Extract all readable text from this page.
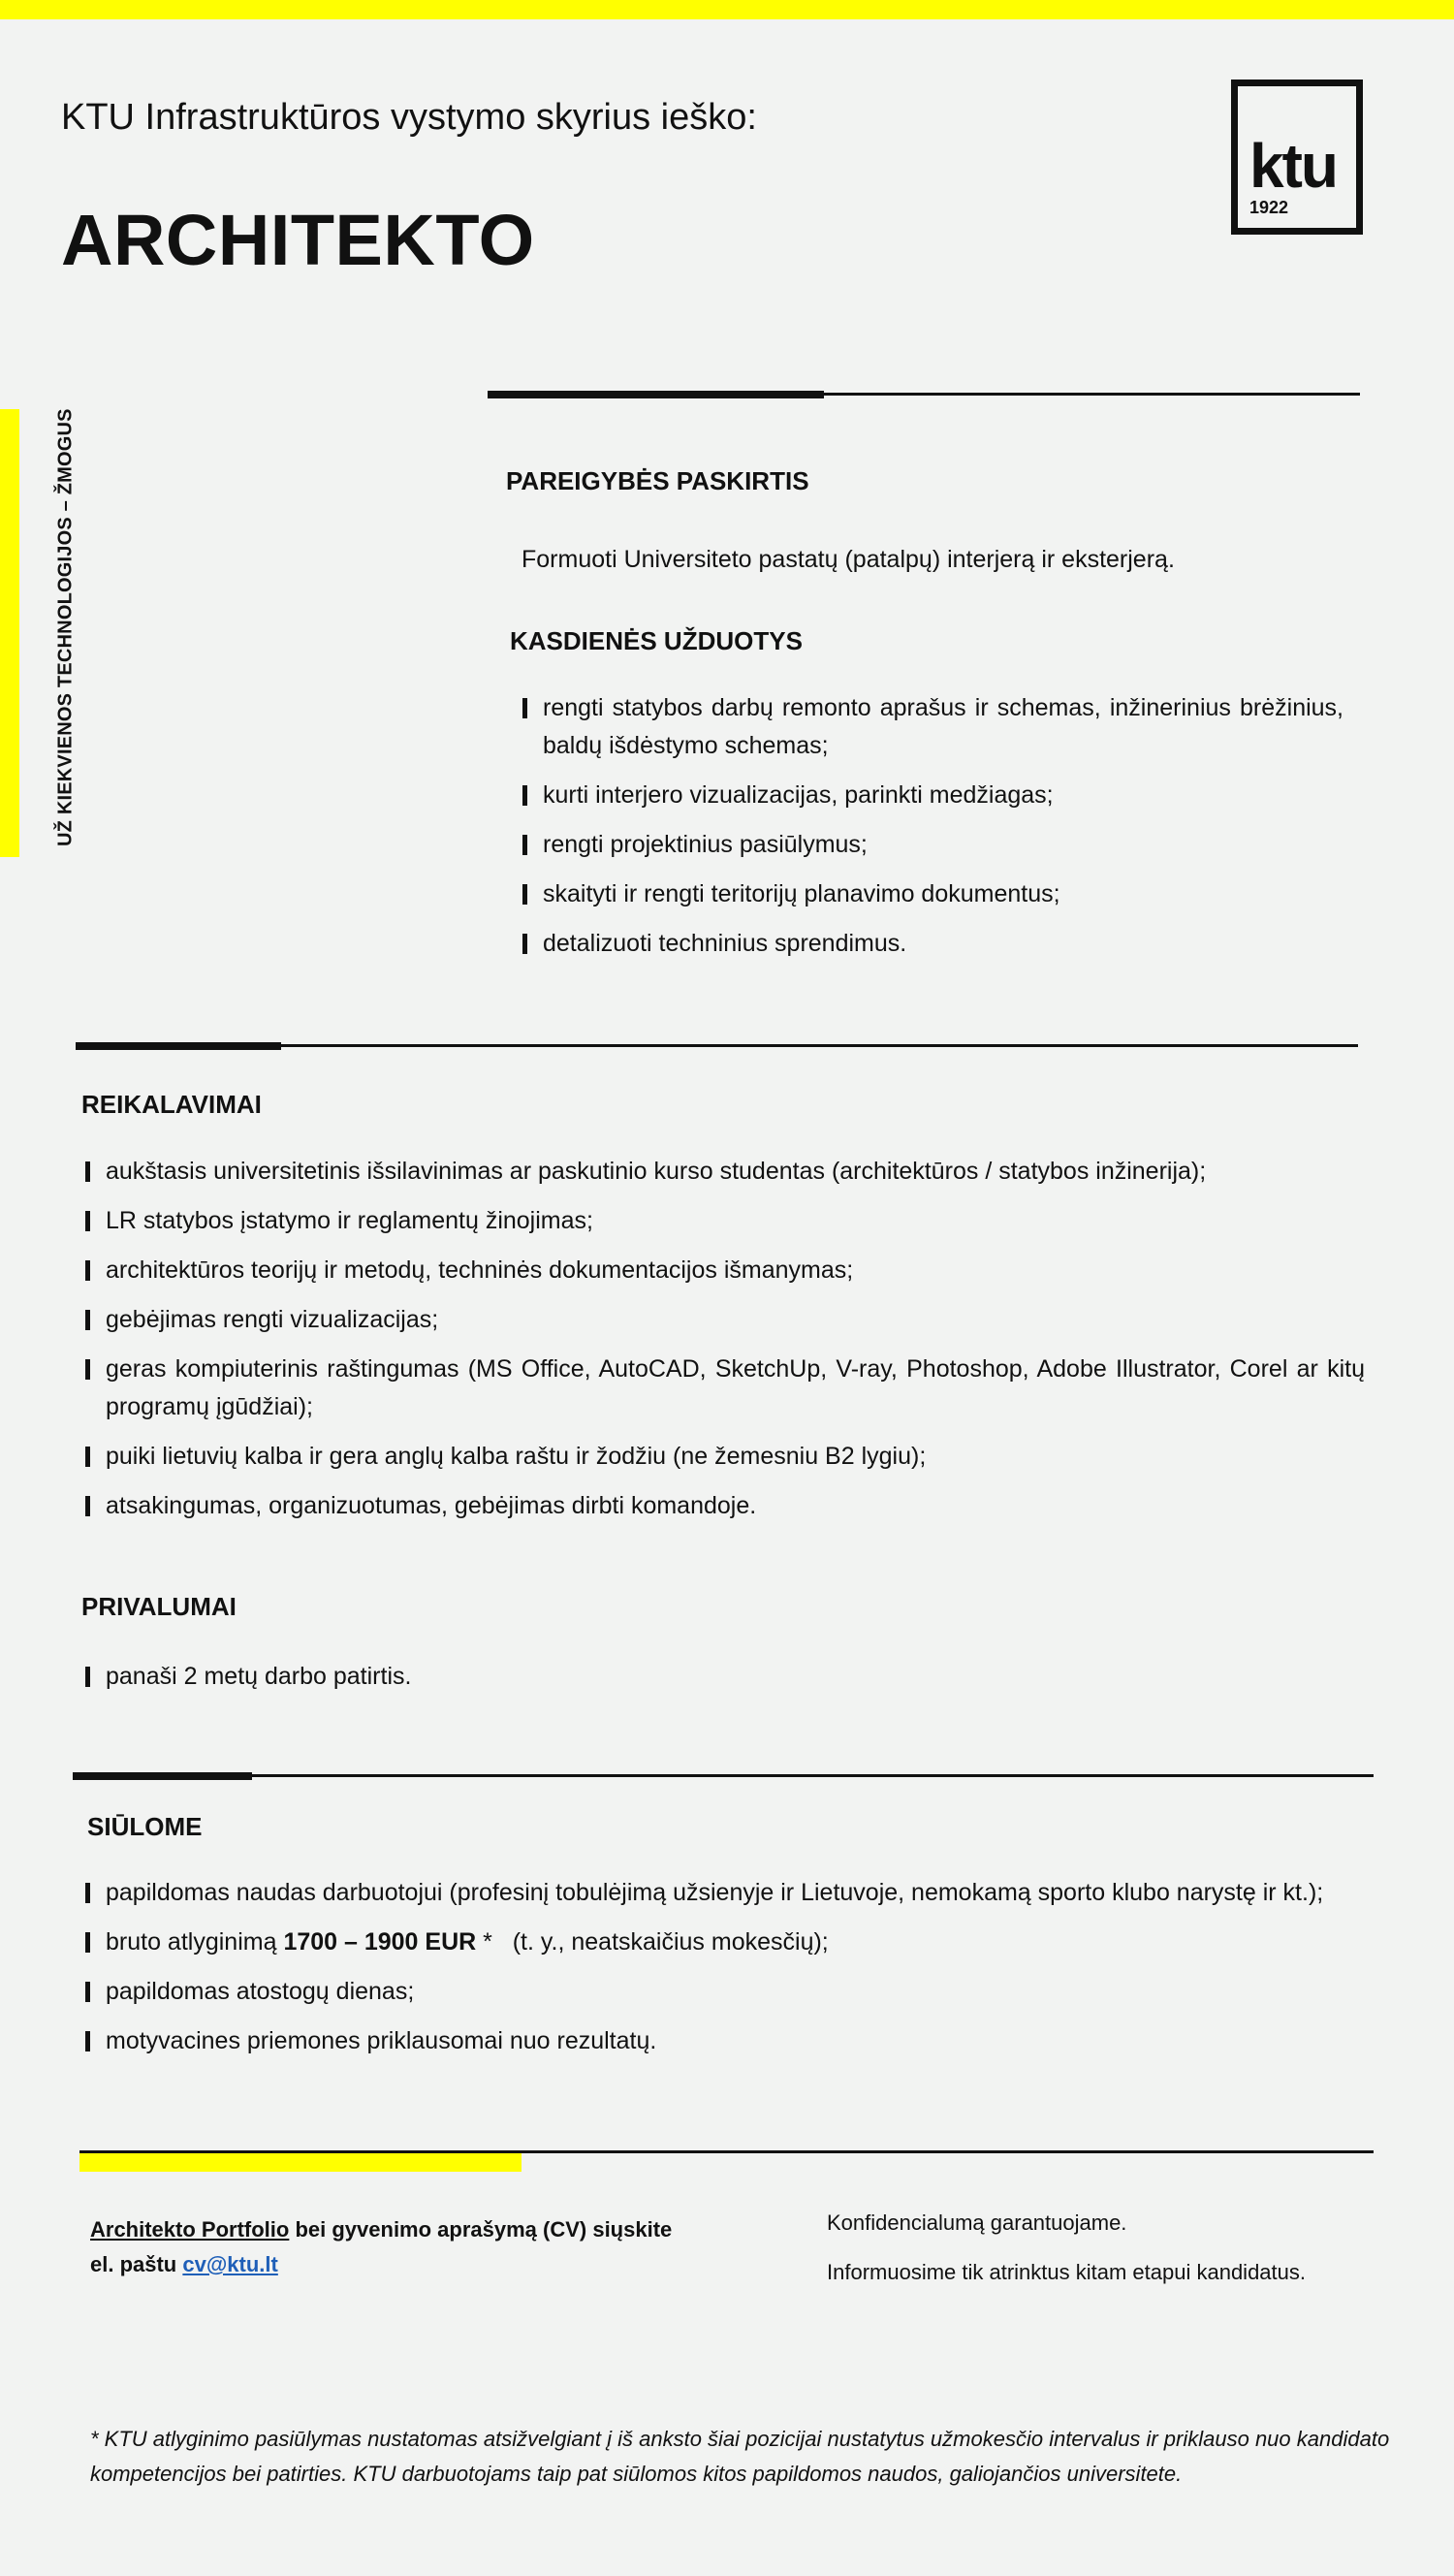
UŽ KIEKVIENOS TECHNOLOGIJOS – ŽMOGUS
KTU Infrastruktūros vystymo skyrius ieško:
ARCHITEKTO
ktu
1922
PAREIGYBĖS PASKIRTIS
Formuoti Universiteto pastatų (patalpų) interjerą ir eksterjerą.
KASDIENĖS UŽDUOTYS
rengti statybos darbų remonto aprašus ir schemas, inžinerinius brėžinius, baldų išdėstymo schemas;
kurti interjero vizualizacijas, parinkti medžiagas;
rengti projektinius pasiūlymus;
skaityti ir rengti teritorijų planavimo dokumentus;
detalizuoti techninius sprendimus.
REIKALAVIMAI
aukštasis universitetinis išsilavinimas ar paskutinio kurso studentas (architektūros / statybos inžinerija);
LR statybos įstatymo ir reglamentų žinojimas;
architektūros teorijų ir metodų, techninės dokumentacijos išmanymas;
gebėjimas rengti vizualizacijas;
geras kompiuterinis raštingumas (MS Office, AutoCAD, SketchUp, V-ray, Photoshop, Adobe Illustrator, Corel ar kitų programų įgūdžiai);
puiki lietuvių kalba ir gera anglų kalba raštu ir žodžiu (ne žemesniu B2 lygiu);
atsakingumas, organizuotumas, gebėjimas dirbti komandoje.
PRIVALUMAI
panaši 2 metų darbo patirtis.
SIŪLOME
papildomas naudas darbuotojui (profesinį tobulėjimą užsienyje ir Lietuvoje, nemokamą sporto klubo narystę ir kt.);
bruto atlyginimą 1700 – 1900 EUR *   (t. y., neatskaičius mokesčių);
papildomas atostogų dienas;
motyvacines priemones priklausomai nuo rezultatų.
Architekto Portfolio bei gyvenimo aprašymą (CV) siųskite
el. paštu cv@ktu.lt
Konfidencialumą garantuojame.
Informuosime tik atrinktus kitam etapui kandidatus.
* KTU atlyginimo pasiūlymas nustatomas atsižvelgiant į iš anksto šiai pozicijai nustatytus užmokesčio intervalus ir priklauso nuo kandidato kompetencijos bei patirties. KTU darbuotojams taip pat siūlomos kitos papildomos naudos, galiojančios universitete.
